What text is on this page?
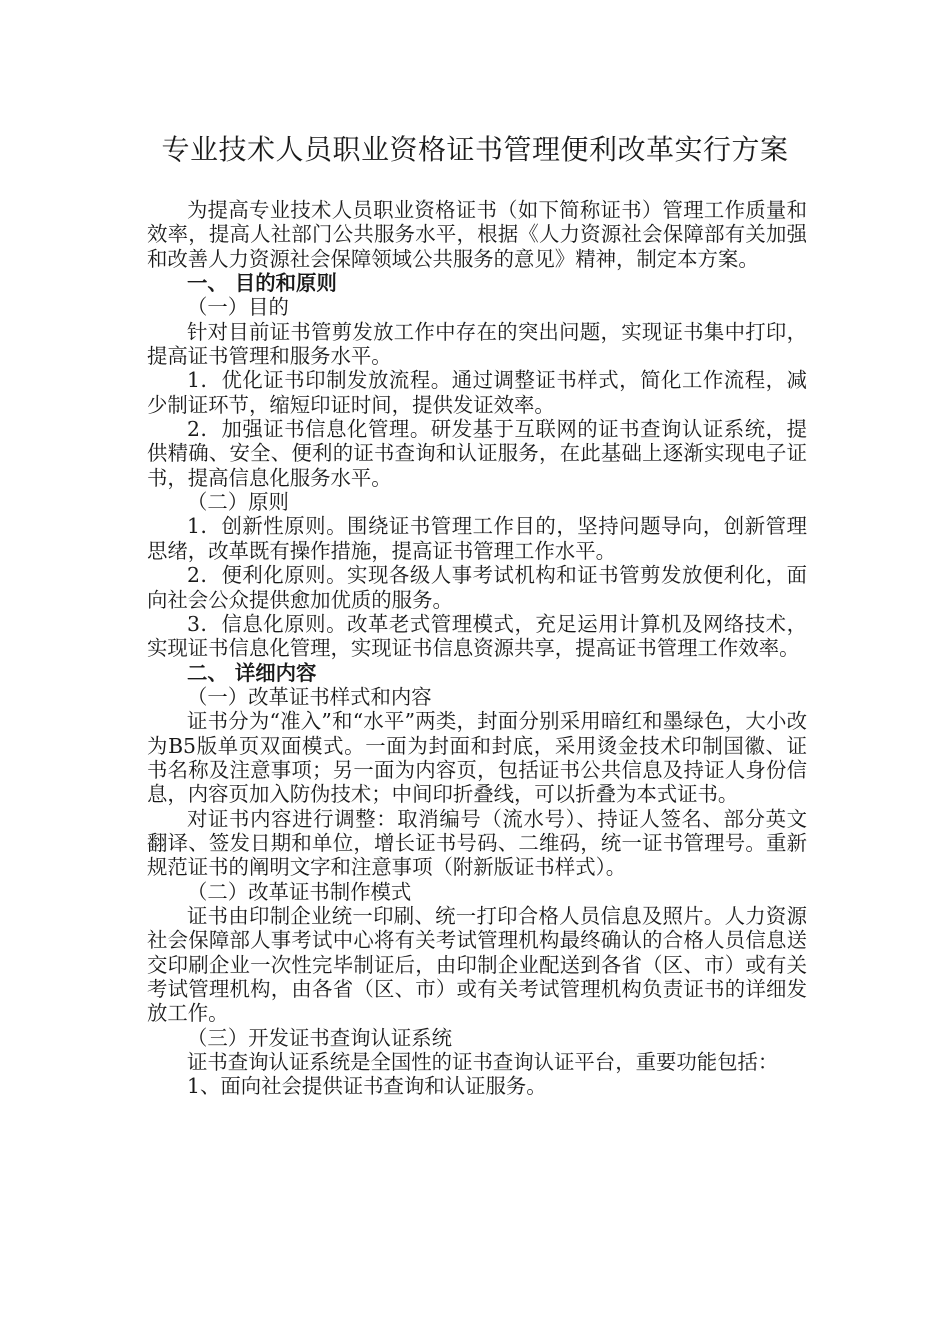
专业技术人员职业资格证书管理便利改革实行方案

为提高专业技术人员职业资格证书（如下简称证书）管理工作质量和效率，提高人社部门公共服务水平，根据《人力资源社会保障部有关加强和改善人力资源社会保障领域公共服务的意见》精神，制定本方案。

一、 目的和原则

（一）目的

针对目前证书管剪发放工作中存在的突出问题，实现证书集中打印，提高证书管理和服务水平。

1．优化证书印制发放流程。通过调整证书样式，简化工作流程，减少制证环节，缩短印证时间，提供发证效率。

2．加强证书信息化管理。研发基于互联网的证书查询认证系统，提供精确、安全、便利的证书查询和认证服务，在此基础上逐渐实现电子证书，提高信息化服务水平。

（二）原则

1．创新性原则。围绕证书管理工作目的，坚持问题导向，创新管理思绪，改革既有操作措施，提高证书管理工作水平。

2．便利化原则。实现各级人事考试机构和证书管剪发放便利化，面向社会公众提供愈加优质的服务。

3．信息化原则。改革老式管理模式，充足运用计算机及网络技术，实现证书信息化管理，实现证书信息资源共享，提高证书管理工作效率。

二、 详细内容

（一）改革证书样式和内容

证书分为“准入”和“水平”两类，封面分别采用暗红和墨绿色，大小改为B5版单页双面模式。一面为封面和封底，采用烫金技术印制国徽、证书名称及注意事项；另一面为内容页，包括证书公共信息及持证人身份信息，内容页加入防伪技术；中间印折叠线，可以折叠为本式证书。

对证书内容进行调整：取消编号（流水号）、持证人签名、部分英文翻译、签发日期和单位，增长证书号码、二维码，统一证书管理号。重新规范证书的阐明文字和注意事项（附新版证书样式）。

（二）改革证书制作模式

证书由印制企业统一印刷、统一打印合格人员信息及照片。人力资源社会保障部人事考试中心将有关考试管理机构最终确认的合格人员信息送交印刷企业一次性完毕制证后，由印制企业配送到各省（区、市）或有关考试管理机构，由各省（区、市）或有关考试管理机构负责证书的详细发放工作。

（三）开发证书查询认证系统

证书查询认证系统是全国性的证书查询认证平台，重要功能包括：

1、面向社会提供证书查询和认证服务。
